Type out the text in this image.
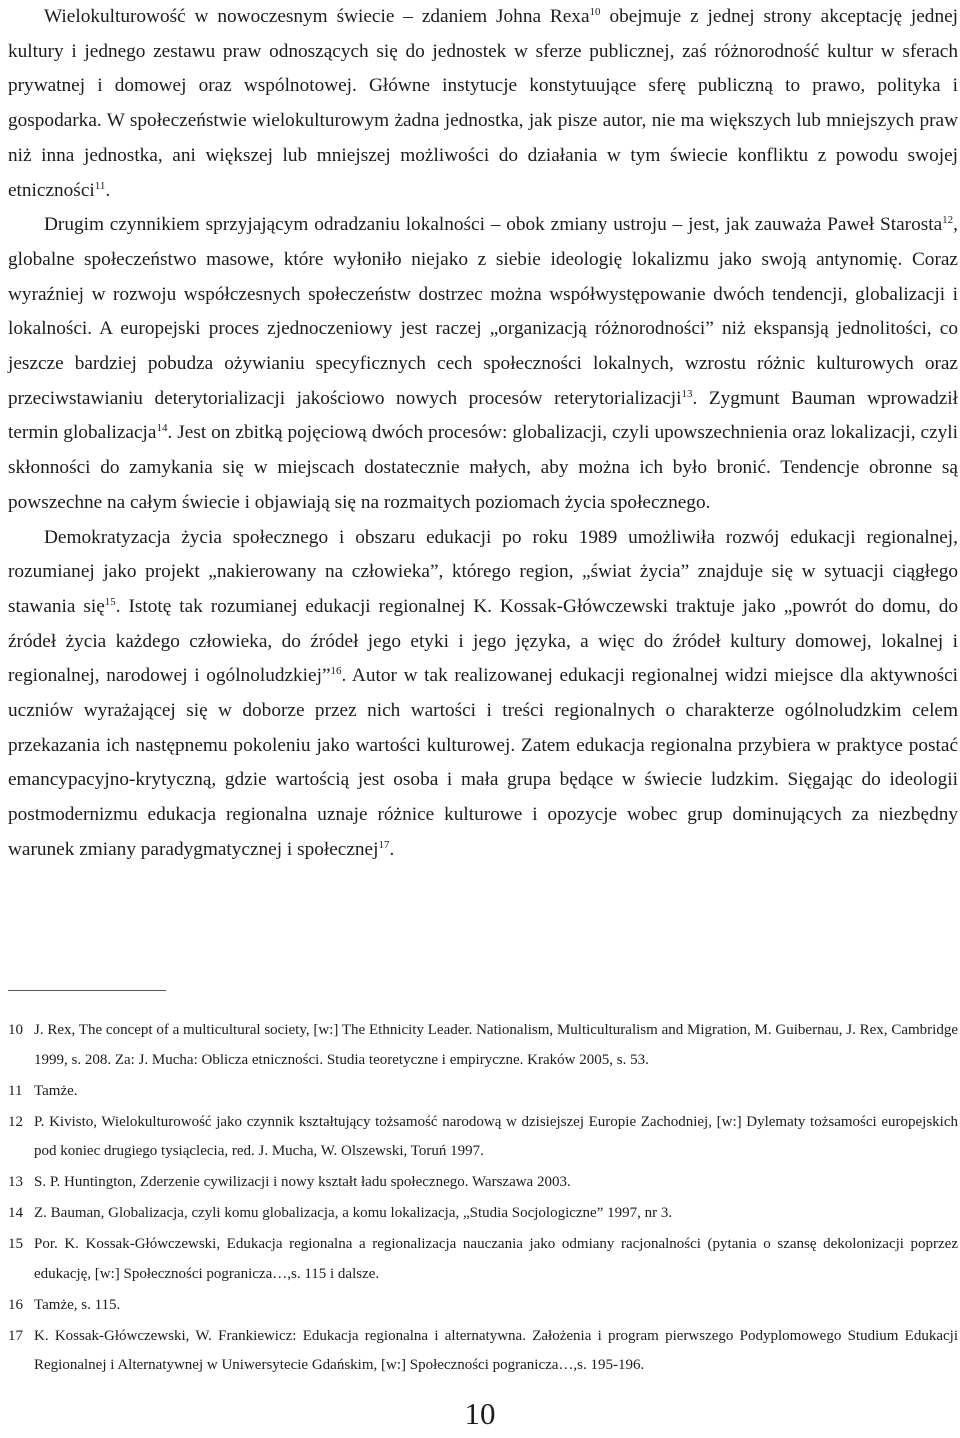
Wielokulturowość w nowoczesnym świecie – zdaniem Johna Rexa$^{10}$ obejmuje z jednej strony akceptację jednej kultury i jednego zestawu praw odnoszących się do jednostek w sferze publicznej, zaś różnorodność kultur w sferach prywatnej i domowej oraz wspólnotowej. Główne instytucje konstytuujące sferę publiczną to prawo, polityka i gospodarka. W społeczeństwie wielokulturowym żadna jednostka, jak pisze autor, nie ma większych lub mniejszych praw niż inna jednostka, ani większej lub mniejszej możliwości do działania w tym świecie konfliktu z powodu swojej etniczności$^{11}$.

Drugim czynnikiem sprzyjającym odradzaniu lokalności – obok zmiany ustroju – jest, jak zauważa Paweł Starosta$^{12}$, globalne społeczeństwo masowe, które wyłoniło niejako z siebie ideologię lokalizmu jako swoją antynomię. Coraz wyraźniej w rozwoju współczesnych społeczeństw dostrzec można współwystępowanie dwóch tendencji, globalizacji i lokalności. A europejski proces zjednoczeniowy jest raczej „organizacją różnorodności” niż ekspansją jednolitości, co jeszcze bardziej pobudza ożywianiu specyficznych cech społeczności lokalnych, wzrostu różnic kulturowych oraz przeciwstawianiu deterytorializacji jakościowo nowych procesów reterytorializacji$^{13}$. Zygmunt Bauman wprowadził termin globalizacja$^{14}$. Jest on zbitką pojęciową dwóch procesów: globalizacji, czyli upowszechnienia oraz lokalizacji, czyli skłonności do zamykania się w miejscach dostatecznie małych, aby można ich było bronić. Tendencje obronne są powszechne na całym świecie i objawiają się na rozmaitych poziomach życia społecznego.

Demokratyzacja życia społecznego i obszaru edukacji po roku 1989 umożliwiła rozwój edukacji regionalnej, rozumianej jako projekt „nakierowany na człowieka”, którego region, „świat życia” znajduje się w sytuacji ciągłego stawania się$^{15}$. Istotę tak rozumianej edukacji regionalnej K. Kossak-Główczewski traktuje jako „powrót do domu, do źródeł życia każdego człowieka, do źródeł jego etyki i jego języka, a więc do źródeł kultury domowej, lokalnej i regionalnej, narodowej i ogólnoludzkiej”$^{16}$. Autor w tak realizowanej edukacji regionalnej widzi miejsce dla aktywności uczniów wyrażającej się w doborze przez nich wartości i treści regionalnych o charakterze ogólnoludzkim celem przekazania ich następnemu pokoleniu jako wartości kulturowej. Zatem edukacja regionalna przybiera w praktyce postać emancypacyjno-krytyczną, gdzie wartością jest osoba i mała grupa będące w świecie ludzkim. Sięgając do ideologii postmodernizmu edukacja regionalna uznaje różnice kulturowe i opozycje wobec grup dominujących za niezbędny warunek zmiany paradygmatycznej i społecznej$^{17}$.

10 J. Rex, The concept of a multicultural society, [w:] The Ethnicity Leader. Nationalism, Multiculturalism and Migration, M. Guibernau, J. Rex, Cambridge 1999, s. 208. Za: J. Mucha: Oblicza etniczności. Studia teoretyczne i empiryczne. Kraków 2005, s. 53.
11 Tamże.
12 P. Kivisto, Wielokulturowość jako czynnik kształtujący tożsamość narodową w dzisiejszej Europie Zachodniej, [w:] Dylematy tożsamości europejskich pod koniec drugiego tysiąclecia, red. J. Mucha, W. Olszewski, Toruń 1997.
13 S. P. Huntington, Zderzenie cywilizacji i nowy kształt ładu społecznego. Warszawa 2003.
14 Z. Bauman, Globalizacja, czyli komu globalizacja, a komu lokalizacja, „Studia Socjologiczne” 1997, nr 3.
15 Por. K. Kossak-Główczewski, Edukacja regionalna a regionalizacja nauczania jako odmiany racjonalności (pytania o szansę dekolonizacji poprzez edukację, [w:] Społeczności pogranicza…,s. 115 i dalsze.
16 Tamże, s. 115.
17 K. Kossak-Główczewski, W. Frankiewicz: Edukacja regionalna i alternatywna. Założenia i program pierwszego Podyplomowego Studium Edukacji Regionalnej i Alternatywnej w Uniwersytecie Gdańskim, [w:] Społeczności pogranicza…,s. 195-196.
10
